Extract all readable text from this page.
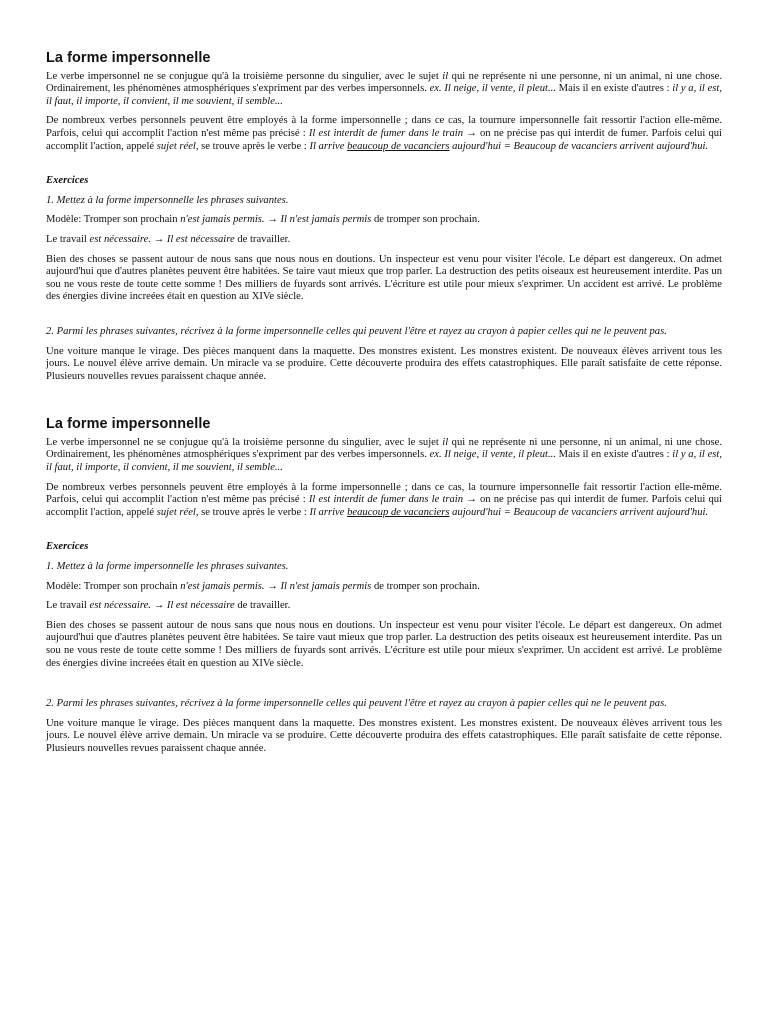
La forme impersonnelle

Le verbe impersonnel ne se conjugue qu'à la troisième personne du singulier, avec le sujet il qui ne représente ni une personne, ni un animal, ni une chose. Ordinairement, les phénomènes atmosphériques s'expriment par des verbes impersonnels. ex. Il neige, il vente, il pleut... Mais il en existe d'autres : il y a, il est, il faut, il importe, il convient, il me souvient, il semble...

De nombreux verbes personnels peuvent être employés à la forme impersonnelle ; dans ce cas, la tournure impersonnelle fait ressortir l'action elle-même. Parfois, celui qui accomplit l'action n'est même pas précisé : Il est interdit de fumer dans le train → on ne précise pas qui interdit de fumer. Parfois celui qui accomplit l'action, appelé sujet réel, se trouve après le verbe : Il arrive beaucoup de vacanciers aujourd'hui = Beaucoup de vacanciers arrivent aujourd'hui.

Exercices

1. Mettez à la forme impersonnelle les phrases suivantes.

Modèle: Tromper son prochain n'est jamais permis. → Il n'est jamais permis de tromper son prochain.

Le travail est nécessaire. → Il est nécessaire de travailler.

Bien des choses se passent autour de nous sans que nous nous en doutions. Un inspecteur est venu pour visiter l'école. Le départ est dangereux. On admet aujourd'hui que d'autres planètes peuvent être habitées. Se taire vaut mieux que trop parler. La destruction des petits oiseaux est heureusement interdite. Pas un sou ne vous reste de toute cette somme ! Des milliers de fuyards sont arrivés. L'écriture est utile pour mieux s'exprimer. Un accident est arrivé. Le problème des énergies divine increées était en question au XIVe siècle.

2. Parmi les phrases suivantes, récrivez à la forme impersonnelle celles qui peuvent l'être et rayez au crayon à papier celles qui ne le peuvent pas.

Une voiture manque le virage. Des pièces manquent dans la maquette. Des monstres existent. Les monstres existent. De nouveaux élèves arrivent tous les jours. Le nouvel élève arrive demain. Un miracle va se produire. Cette découverte produira des effets catastrophiques. Elle paraît satisfaite de cette réponse. Plusieurs nouvelles revues paraissent chaque année.

La forme impersonnelle

Le verbe impersonnel ne se conjugue qu'à la troisième personne du singulier, avec le sujet il qui ne représente ni une personne, ni un animal, ni une chose. Ordinairement, les phénomènes atmosphériques s'expriment par des verbes impersonnels. ex. Il neige, il vente, il pleut... Mais il en existe d'autres : il y a, il est, il faut, il importe, il convient, il me souvient, il semble...

De nombreux verbes personnels peuvent être employés à la forme impersonnelle ; dans ce cas, la tournure impersonnelle fait ressortir l'action elle-même. Parfois, celui qui accomplit l'action n'est même pas précisé : Il est interdit de fumer dans le train → on ne précise pas qui interdit de fumer. Parfois celui qui accomplit l'action, appelé sujet réel, se trouve après le verbe : Il arrive beaucoup de vacanciers aujourd'hui = Beaucoup de vacanciers arrivent aujourd'hui.

Exercices

1. Mettez à la forme impersonnelle les phrases suivantes.

Modèle: Tromper son prochain n'est jamais permis. → Il n'est jamais permis de tromper son prochain.

Le travail est nécessaire. → Il est nécessaire de travailler.

Bien des choses se passent autour de nous sans que nous nous en doutions. Un inspecteur est venu pour visiter l'école. Le départ est dangereux. On admet aujourd'hui que d'autres planètes peuvent être habitées. Se taire vaut mieux que trop parler. La destruction des petits oiseaux est heureusement interdite. Pas un sou ne vous reste de toute cette somme ! Des milliers de fuyards sont arrivés. L'écriture est utile pour mieux s'exprimer. Un accident est arrivé. Le problème des énergies divine increées était en question au XIVe siècle.

2. Parmi les phrases suivantes, récrivez à la forme impersonnelle celles qui peuvent l'être et rayez au crayon à papier celles qui ne le peuvent pas.

Une voiture manque le virage. Des pièces manquent dans la maquette. Des monstres existent. Les monstres existent. De nouveaux élèves arrivent tous les jours. Le nouvel élève arrive demain. Un miracle va se produire. Cette découverte produira des effets catastrophiques. Elle paraît satisfaite de cette réponse. Plusieurs nouvelles revues paraissent chaque année.
